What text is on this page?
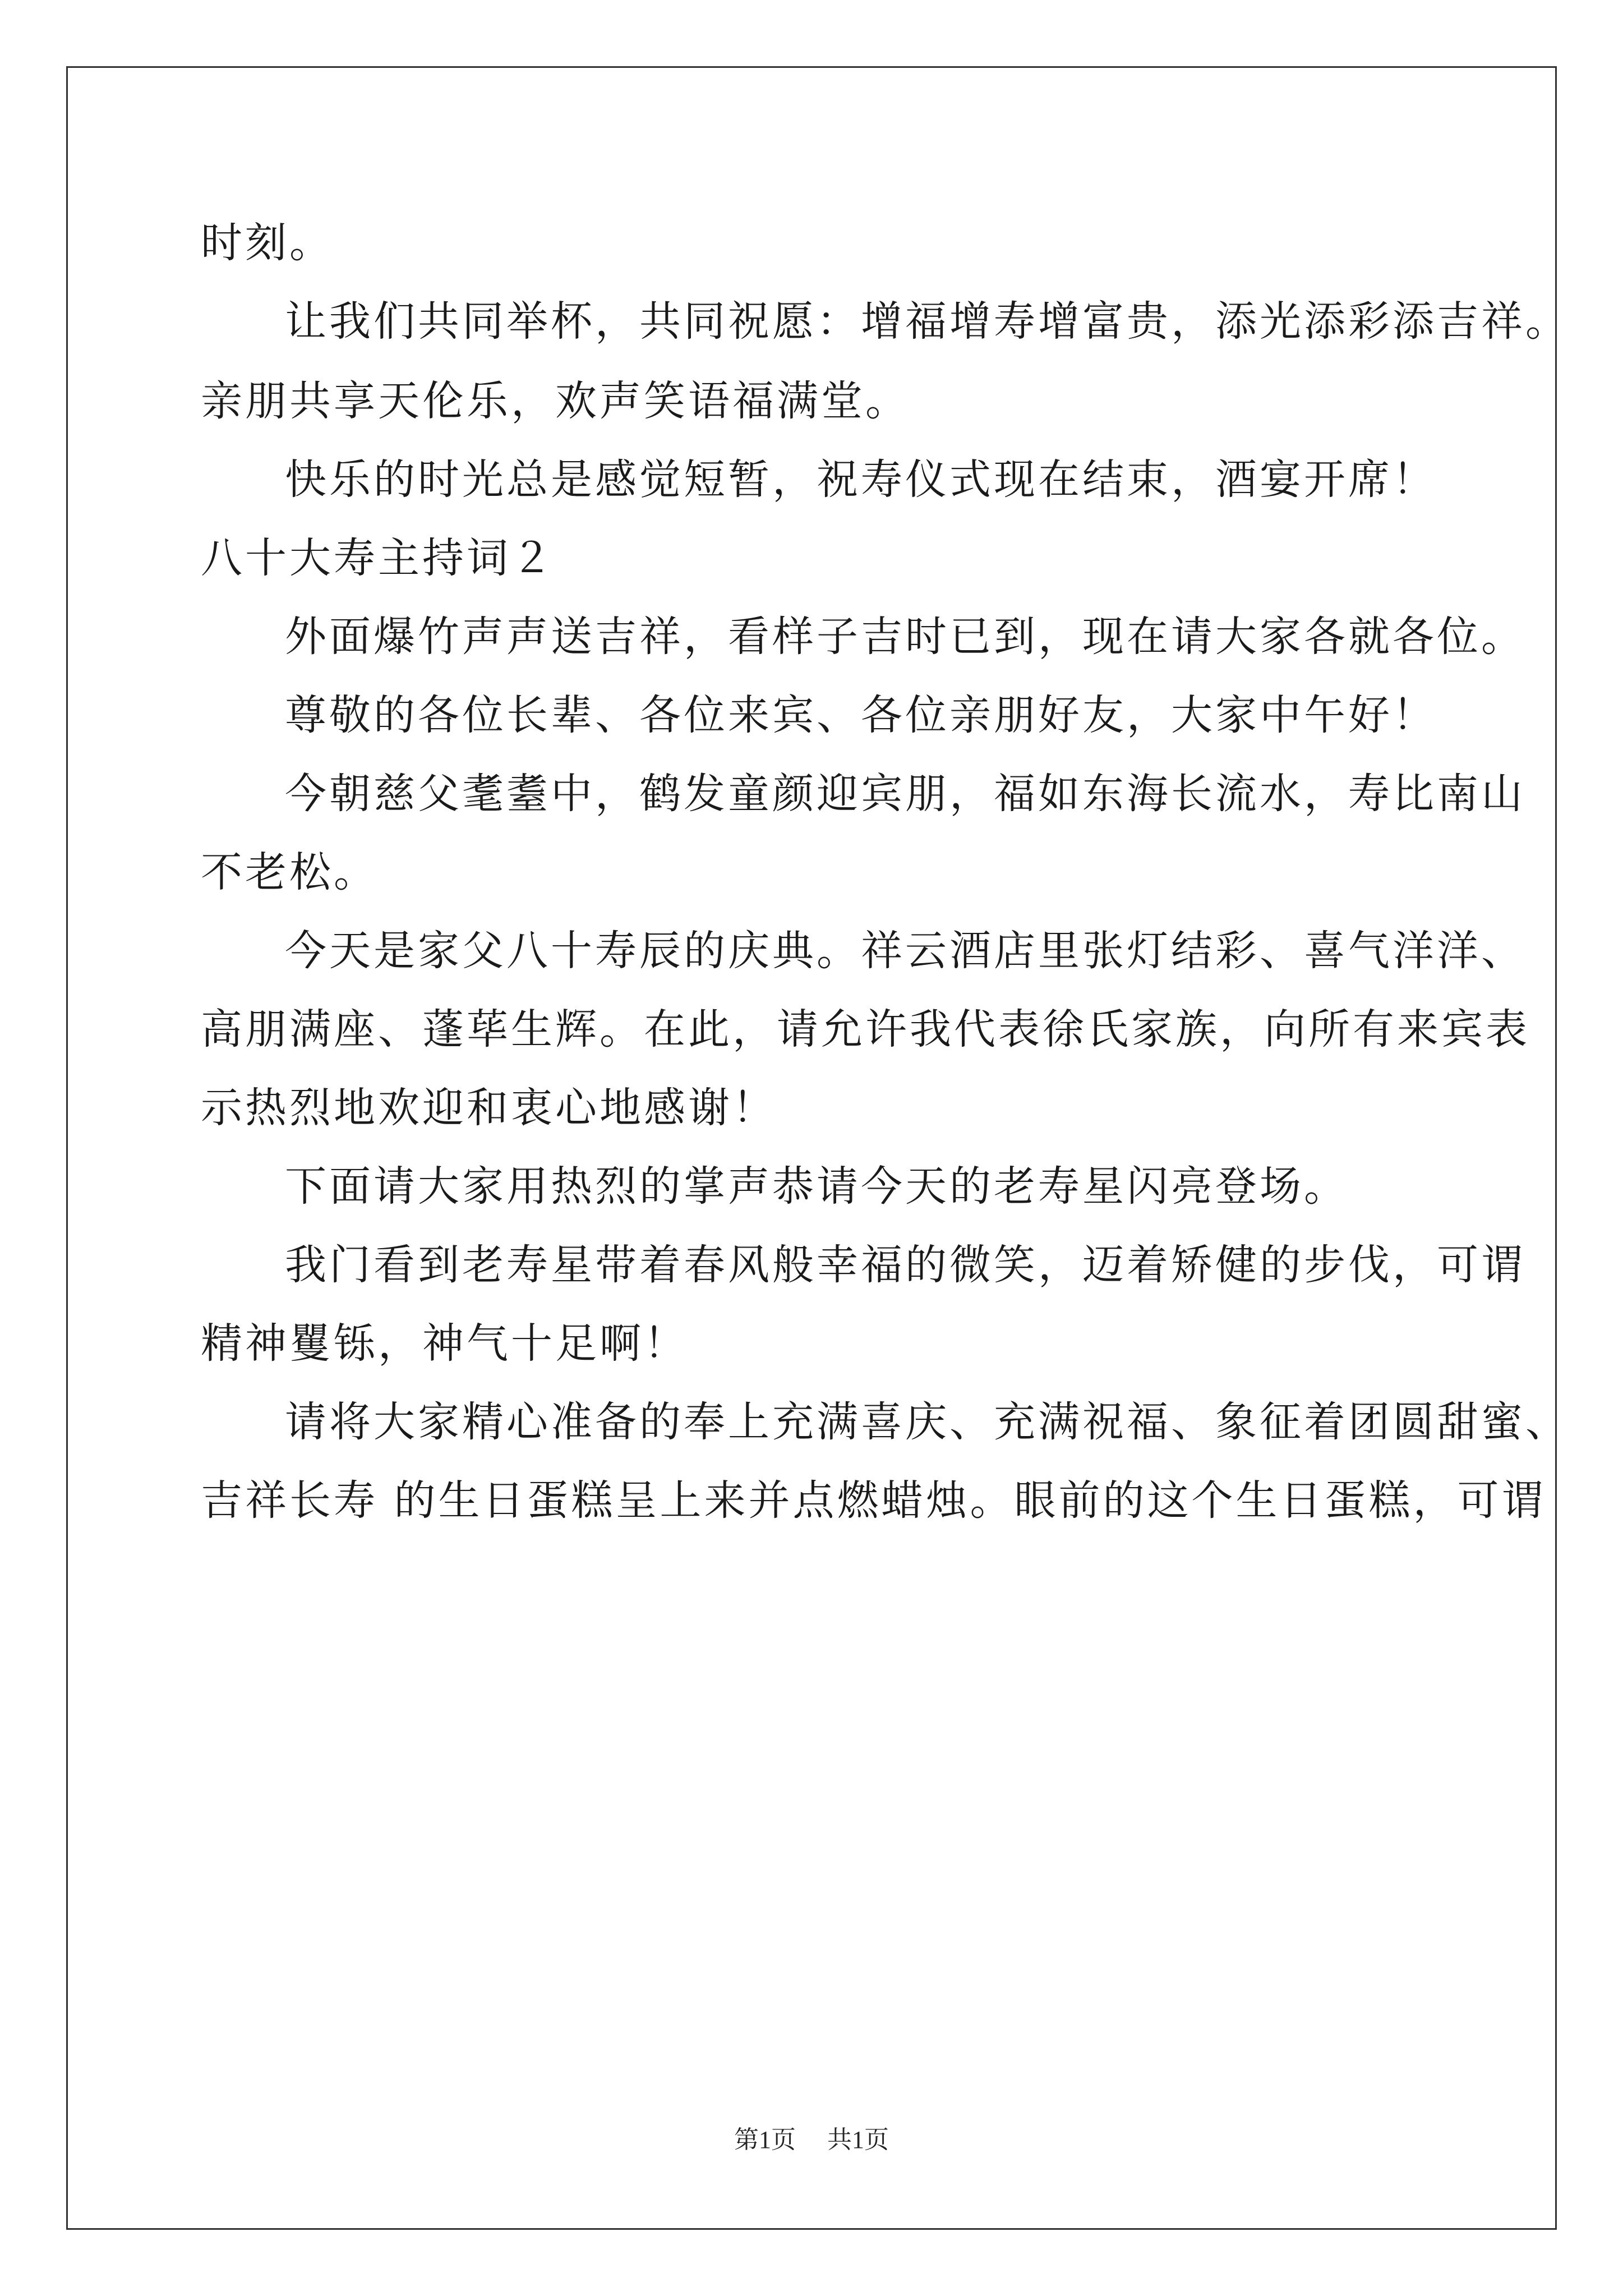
时刻。
让我们共同举杯，共同祝愿：增福增寿增富贵，添光添彩添吉祥。
亲朋共享天伦乐，欢声笑语福满堂。
快乐的时光总是感觉短暂，祝寿仪式现在结束，酒宴开席！
八十大寿主持词２
外面爆竹声声送吉祥，看样子吉时已到，现在请大家各就各位。
尊敬的各位长辈、各位来宾、各位亲朋好友，大家中午好！
今朝慈父耄耋中，鹤发童颜迎宾朋，福如东海长流水，寿比南山
不老松。
今天是家父八十寿辰的庆典。祥云酒店里张灯结彩、喜气洋洋、
高朋满座、蓬荜生辉。在此，请允许我代表徐氏家族，向所有来宾表
示热烈地欢迎和衷心地感谢！
下面请大家用热烈的掌声恭请今天的老寿星闪亮登场。
我门看到老寿星带着春风般幸福的微笑，迈着矫健的步伐，可谓
精神矍铄，神气十足啊！
请将大家精心准备的奉上充满喜庆、充满祝福、象征着团圆甜蜜、
吉祥长寿 的生日蛋糕呈上来并点燃蜡烛。眼前的这个生日蛋糕，可谓
第1页 共1页
